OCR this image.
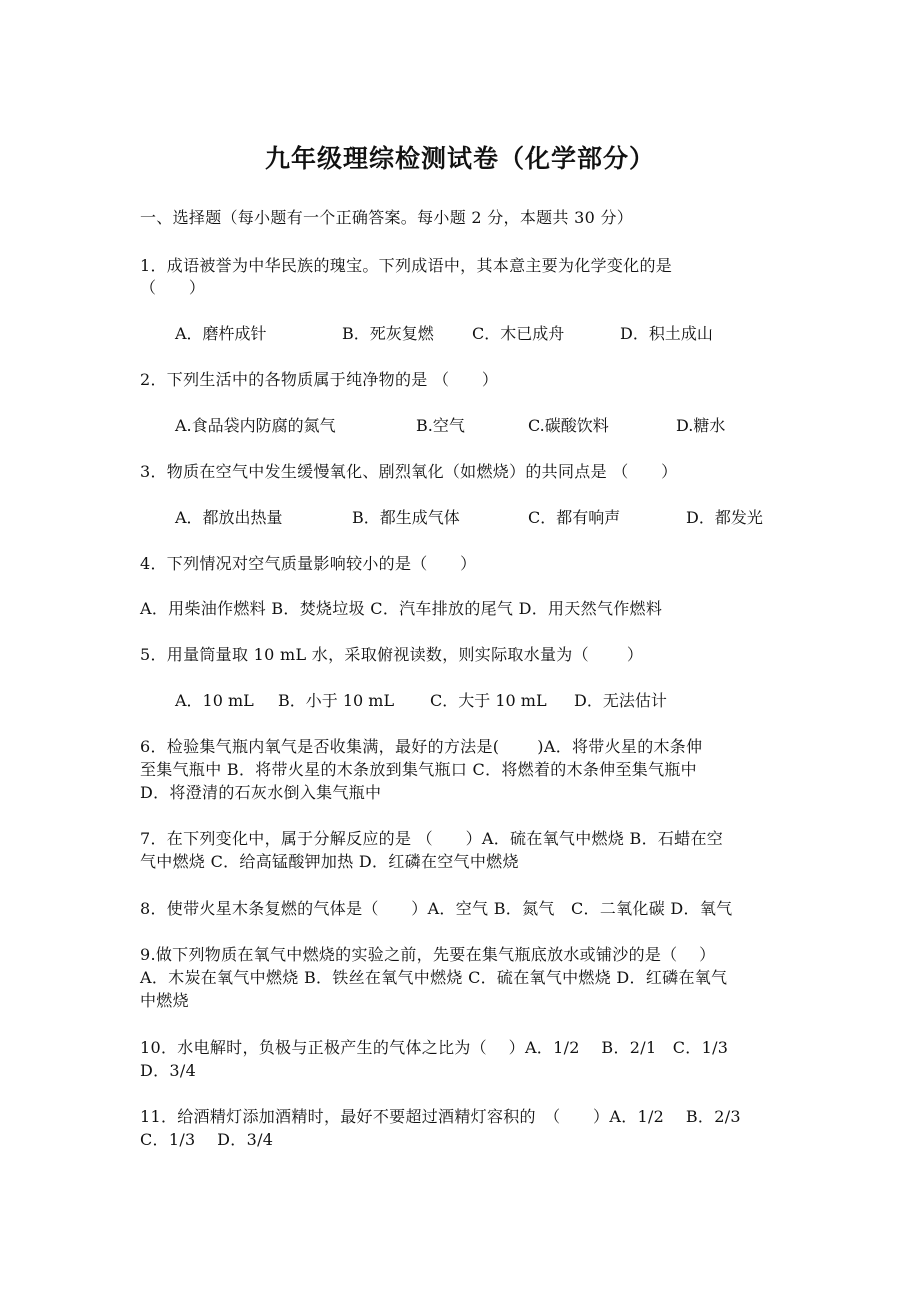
九年级理综检测试卷（化学部分）
一、选择题（每小题有一个正确答案。每小题 2 分，本题共 30 分）
1．成语被誉为中华民族的瑰宝。下列成语中，其本意主要为化学变化的是
（　　）
A．磨杵成针	B．死灰复燃 C．木已成舟	D．积土成山
2．下列生活中的各物质属于纯净物的是 （　　）
A.食品袋内防腐的氮气	B.空气	C.碳酸饮料	D.糖水
3．物质在空气中发生缓慢氧化、剧烈氧化（如燃烧）的共同点是 （　　）
A．都放出热量	B．都生成气体	C．都有响声	D．都发光
4．下列情况对空气质量影响较小的是（　　）
A．用柴油作燃料 B．焚烧垃圾 C．汽车排放的尾气 D．用天然气作燃料
5．用量筒量取 10 mL 水，采取俯视读数，则实际取水量为（　　 ）
A．10 mL B．小于 10 mL C．大于 10 mL D．无法估计
6．检验集气瓶内氧气是否收集满，最好的方法是(　　 )A．将带火星的木条伸
至集气瓶中 B．将带火星的木条放到集气瓶口 C．将燃着的木条伸至集气瓶中
D．将澄清的石灰水倒入集气瓶中
7．在下列变化中，属于分解反应的是 （　　）A．硫在氧气中燃烧 B．石蜡在空
气中燃烧 C．给高锰酸钾加热 D．红磷在空气中燃烧
8．使带火星木条复燃的气体是（　　）A．空气 B．氮气　C．二氧化碳 D．氧气
9.做下列物质在氧气中燃烧的实验之前，先要在集气瓶底放水或铺沙的是（　 ）
A．木炭在氧气中燃烧 B．铁丝在氧气中燃烧 C．硫在氧气中燃烧 D．红磷在氧气
中燃烧
10．水电解时，负极与正极产生的气体之比为（　 ）A．1/2　 B．2/1　C．1/3
D．3/4
11．给酒精灯添加酒精时，最好不要超过酒精灯容积的　（　　）A．1/2　 B．2/3
C．1/3　 D．3/4
